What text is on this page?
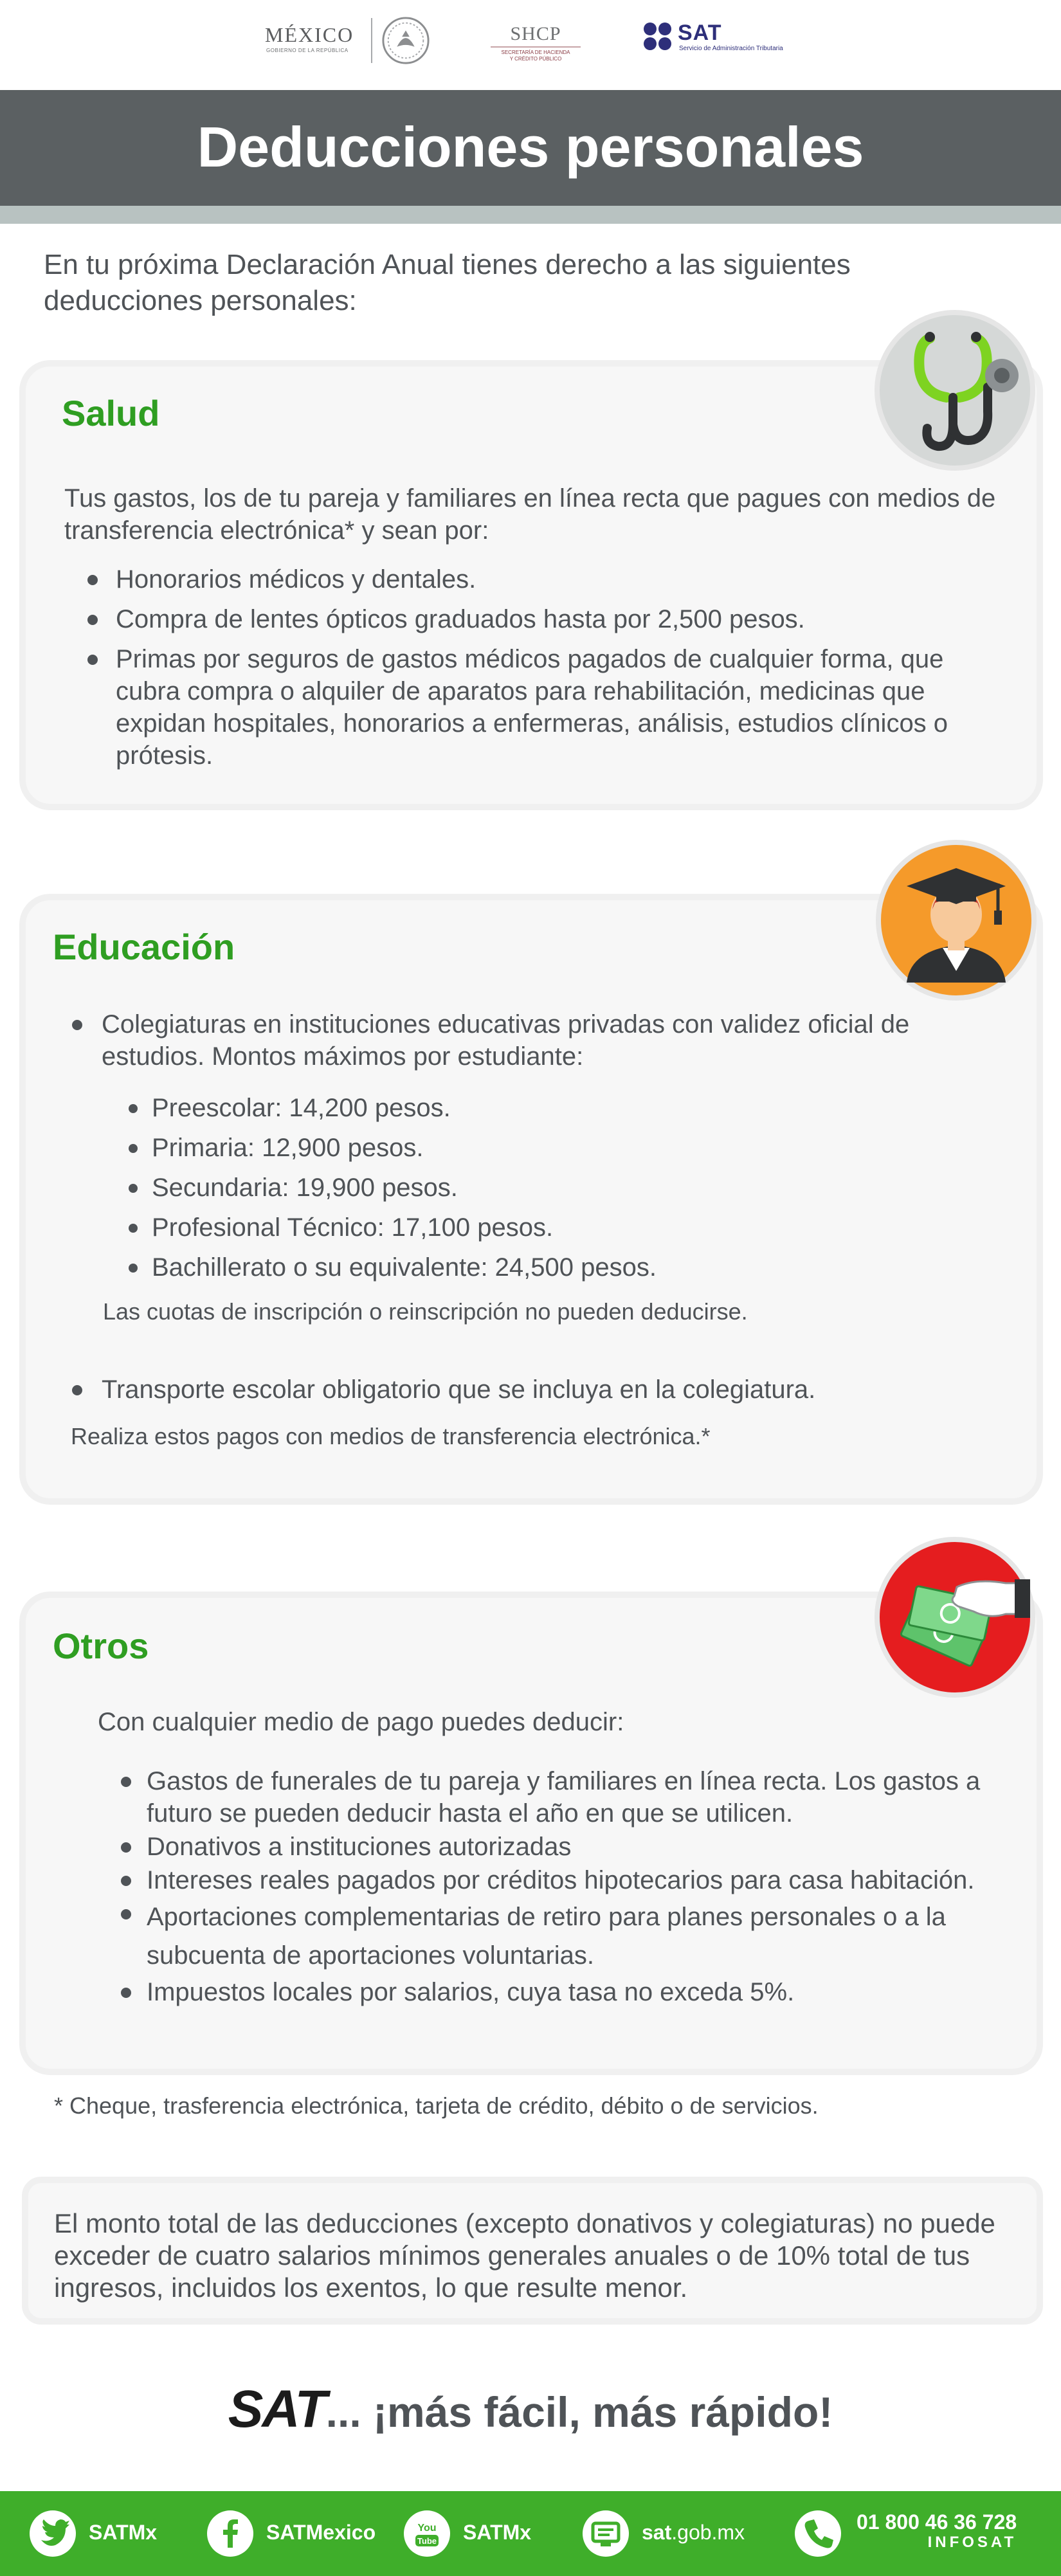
MÉXICO
GOBIERNO DE LA REPÚBLICA
SHCP
SECRETARÍA DE HACIENDA
Y CRÉDITO PÚBLICO
SAT
Servicio de Administración Tributaria
Deducciones personales

En tu próxima Declaración Anual tienes derecho a las siguientes deducciones personales:

Salud

Tus gastos, los de tu pareja y familiares en línea recta que pagues con medios de transferencia electrónica* y sean por:

Honorarios médicos y dentales.
Compra de lentes ópticos graduados hasta por 2,500 pesos.
Primas por seguros de gastos médicos pagados de cualquier forma, que cubra compra o alquiler de aparatos para rehabilitación, medicinas que expidan hospitales, honorarios a enfermeras, análisis, estudios clínicos o prótesis.
Educación
Colegiaturas en instituciones educativas privadas con validez oficial de estudios. Montos máximos por estudiante:
Preescolar: 14,200 pesos.
Primaria: 12,900 pesos.
Secundaria: 19,900 pesos.
Profesional Técnico: 17,100 pesos.
Bachillerato o su equivalente: 24,500 pesos.

Las cuotas de inscripción o reinscripción no pueden deducirse.

Transporte escolar obligatorio que se incluya en la colegiatura.

Realiza estos pagos con medios de transferencia electrónica.*

Otros

Con cualquier medio de pago puedes deducir:

Gastos de funerales de tu pareja y familiares en línea recta. Los gastos a futuro se pueden deducir hasta el año en que se utilicen.
Donativos a instituciones autorizadas
Intereses reales pagados por créditos hipotecarios para casa habitación.
Aportaciones complementarias de retiro para planes personales o a la subcuenta de aportaciones voluntarias.
Impuestos locales por salarios, cuya tasa no exceda 5%.

* Cheque, trasferencia electrónica, tarjeta de crédito, débito o de servicios.

El monto total de las deducciones (excepto donativos y colegiaturas) no puede exceder de cuatro salarios mínimos generales anuales o de 10% total de tus ingresos, incluidos los exentos, lo que resulte menor.

SAT... ¡más fácil, más rápido!
SATMx	SATMexico	You
Tube SATMx	sat.gob.mx	01 800 46 36 728
INFOSAT
